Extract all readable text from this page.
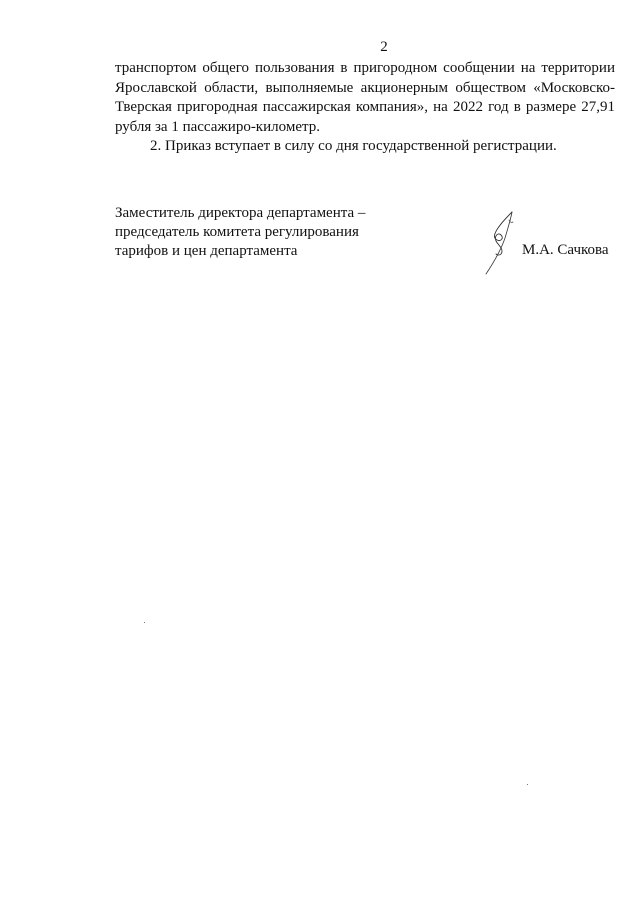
2

транспортом общего пользования в пригородном сообщении на территории Ярославской области, выполняемые акционерным обществом «Московско-Тверская пригородная пассажирская компания», на 2022 год в размере 27,91 рубля за 1 пассажиро-километр.

2. Приказ вступает в силу со дня государственной регистрации.

Заместитель директора департамента –
председатель комитета регулирования
тарифов и цен департамента	М.А. Сачкова
